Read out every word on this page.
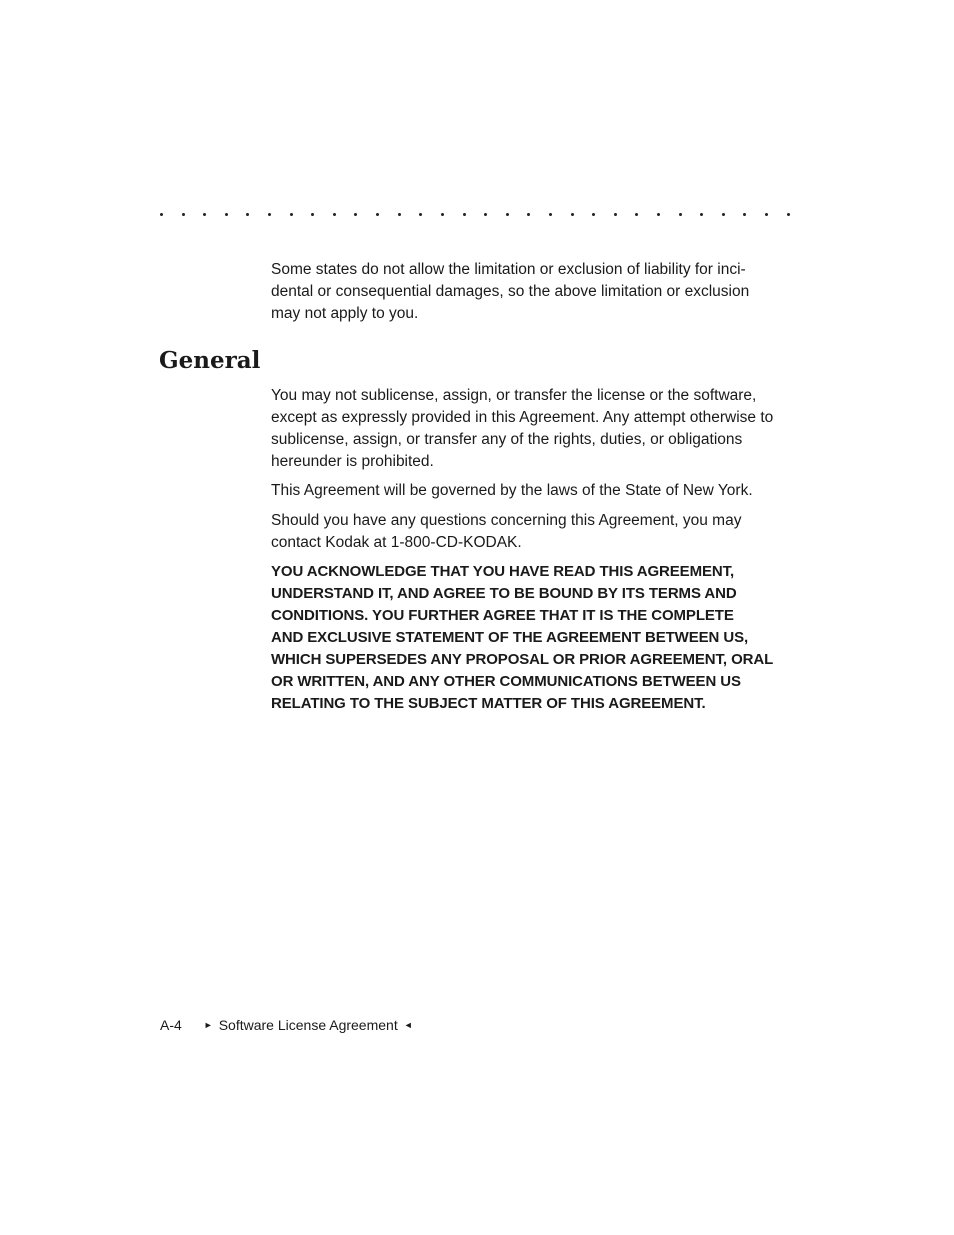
Some states do not allow the limitation or exclusion of liability for inci-
dental or consequential damages, so the above limitation or exclusion
may not apply to you.

General

You may not sublicense, assign, or transfer the license or the software,
except as expressly provided in this Agreement. Any attempt otherwise to
sublicense, assign, or transfer any of the rights, duties, or obligations
hereunder is prohibited.

This Agreement will be governed by the laws of the State of New York.

Should you have any questions concerning this Agreement, you may
contact Kodak at 1-800-CD-KODAK.

YOU ACKNOWLEDGE THAT YOU HAVE READ THIS AGREEMENT,
UNDERSTAND IT, AND AGREE TO BE BOUND BY ITS TERMS AND
CONDITIONS. YOU FURTHER AGREE THAT IT IS THE COMPLETE
AND EXCLUSIVE STATEMENT OF THE AGREEMENT BETWEEN US,
WHICH SUPERSEDES ANY PROPOSAL OR PRIOR AGREEMENT, ORAL
OR WRITTEN, AND ANY OTHER COMMUNICATIONS BETWEEN US
RELATING TO THE SUBJECT MATTER OF THIS AGREEMENT.

A-4 ► Software License Agreement ◄
